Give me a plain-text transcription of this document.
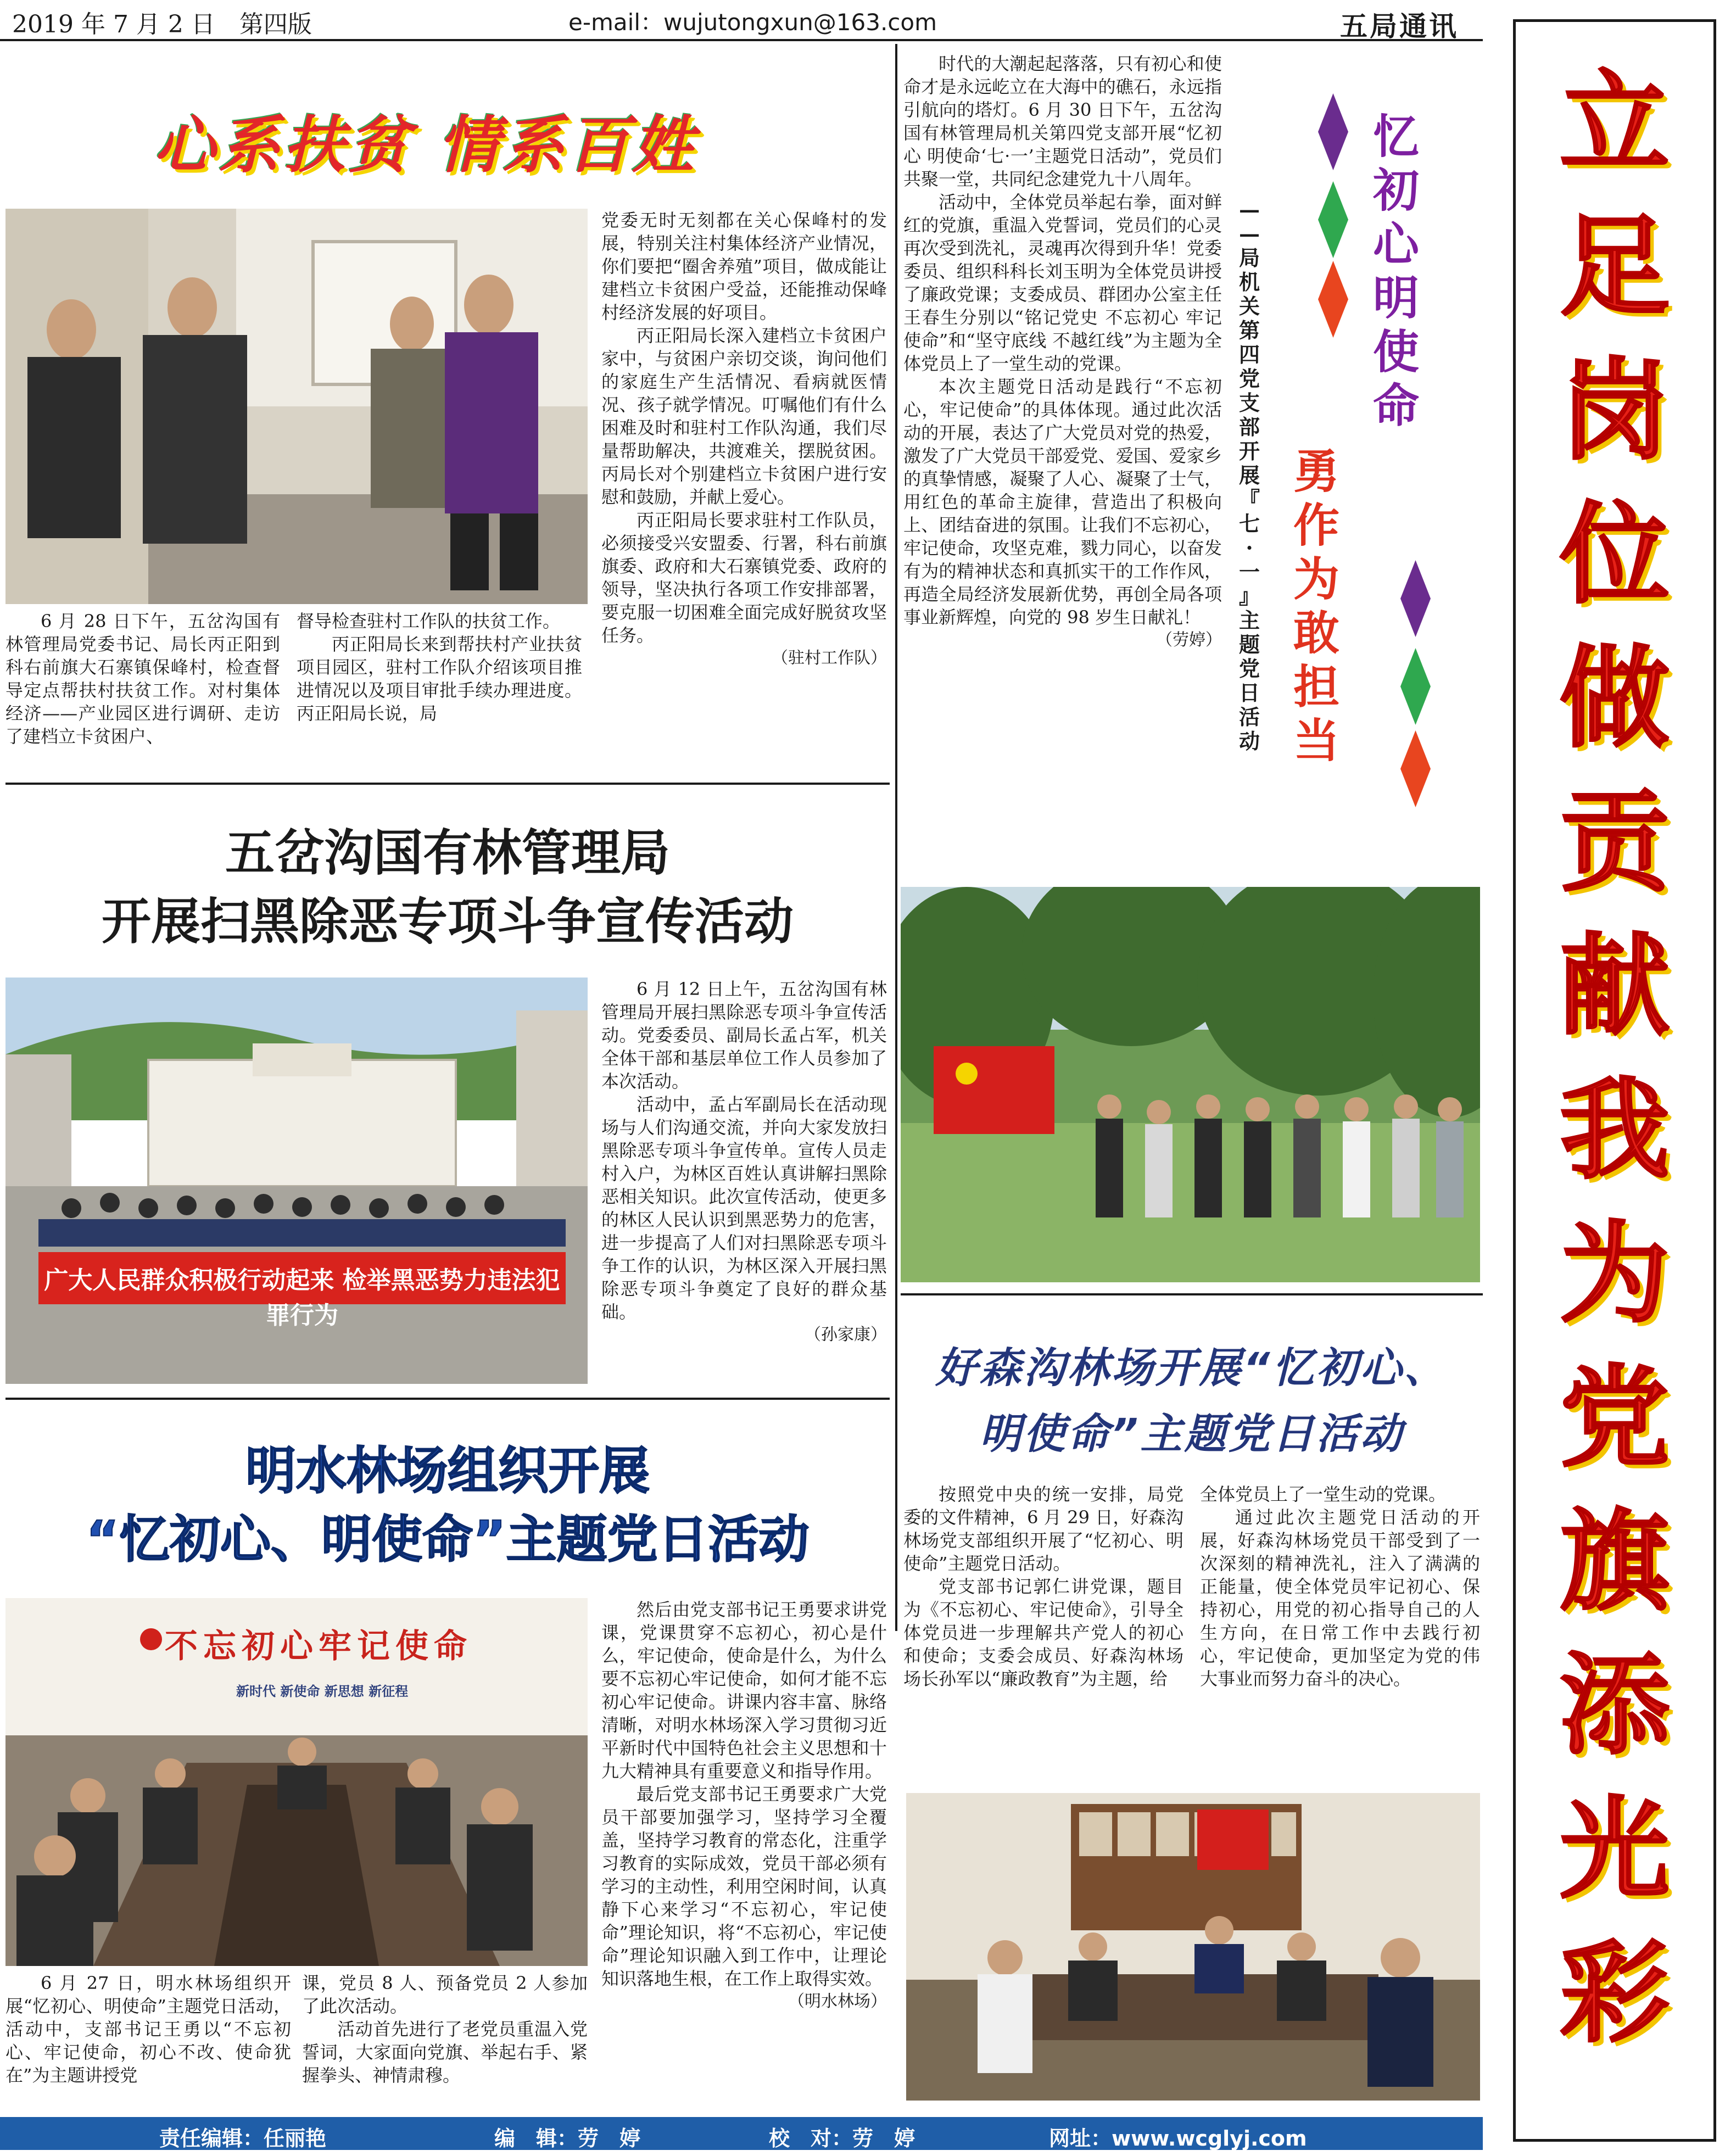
2019 年 7 月 2 日　第四版	e-mail：wujutongxun@163.com	五局通讯
心系扶贫 情系百姓

6 月 28 日下午，五岔沟国有林管理局党委书记、局长丙正阳到科右前旗大石寨镇保峰村，检查督导定点帮扶村扶贫工作。对村集体经济——产业园区进行调研、走访了建档立卡贫困户、

督导检查驻村工作队的扶贫工作。

丙正阳局长来到帮扶村产业扶贫项目园区，驻村工作队介绍该项目推进情况以及项目审批手续办理进度。丙正阳局长说，局

党委无时无刻都在关心保峰村的发展，特别关注村集体经济产业情况，你们要把“圈舍养殖”项目，做成能让建档立卡贫困户受益，还能推动保峰村经济发展的好项目。

丙正阳局长深入建档立卡贫困户家中，与贫困户亲切交谈，询问他们的家庭生产生活情况、看病就医情况、孩子就学情况。叮嘱他们有什么困难及时和驻村工作队沟通，我们尽量帮助解决，共渡难关，摆脱贫困。丙局长对个别建档立卡贫困户进行安慰和鼓励，并献上爱心。

丙正阳局长要求驻村工作队员，必须接受兴安盟委、行署，科右前旗旗委、政府和大石寨镇党委、政府的领导，坚决执行各项工作安排部署，要克服一切困难全面完成好脱贫攻坚任务。

（驻村工作队）
五岔沟国有林管理局
开展扫黑除恶专项斗争宣传活动
广大人民群众积极行动起来 检举黑恶势力违法犯罪行为

6 月 12 日上午，五岔沟国有林管理局开展扫黑除恶专项斗争宣传活动。党委委员、副局长孟占军，机关全体干部和基层单位工作人员参加了本次活动。

活动中，孟占军副局长在活动现场与人们沟通交流，并向大家发放扫黑除恶专项斗争宣传单。宣传人员走村入户，为林区百姓认真讲解扫黑除恶相关知识。此次宣传活动，使更多的林区人民认识到黑恶势力的危害，进一步提高了人们对扫黑除恶专项斗争工作的认识，为林区深入开展扫黑除恶专项斗争奠定了良好的群众基础。

（孙家康）
明水林场组织开展
“忆初心、明使命”主题党日活动
不忘初心牢记使命
新时代 新使命 新思想 新征程

6 月 27 日，明水林场组织开展“忆初心、明使命”主题党日活动，活动中，支部书记王勇以“不忘初心、牢记使命，初心不改、使命犹在”为主题讲授党

课，党员 8 人、预备党员 2 人参加了此次活动。

活动首先进行了老党员重温入党誓词，大家面向党旗、举起右手、紧握拳头、神情肃穆。

然后由党支部书记王勇要求讲党课，党课贯穿不忘初心，初心是什么，牢记使命，使命是什么，为什么要不忘初心牢记使命，如何才能不忘初心牢记使命。讲课内容丰富、脉络清晰，对明水林场深入学习贯彻习近平新时代中国特色社会主义思想和十九大精神具有重要意义和指导作用。

最后党支部书记王勇要求广大党员干部要加强学习，坚持学习全覆盖，坚持学习教育的常态化，注重学习教育的实际成效，党员干部必须有学习的主动性，利用空闲时间，认真静下心来学习“不忘初心，牢记使命”理论知识，将“不忘初心，牢记使命”理论知识融入到工作中，让理论知识落地生根，在工作上取得实效。

（明水林场）

时代的大潮起起落落，只有初心和使命才是永远屹立在大海中的礁石，永远指引航向的塔灯。6 月 30 日下午，五岔沟国有林管理局机关第四党支部开展“忆初心 明使命‘七·一’主题党日活动”，党员们共聚一堂，共同纪念建党九十八周年。

活动中，全体党员举起右拳，面对鲜红的党旗，重温入党誓词，党员们的心灵再次受到洗礼，灵魂再次得到升华！党委委员、组织科科长刘玉明为全体党员讲授了廉政党课；支委成员、群团办公室主任王春生分别以“铭记党史 不忘初心 牢记使命”和“坚守底线 不越红线”为主题为全体党员上了一堂生动的党课。

本次主题党日活动是践行“不忘初心，牢记使命”的具体体现。通过此次活动的开展，表达了广大党员对党的热爱，激发了广大党员干部爱党、爱国、爱家乡的真挚情感，凝聚了人心、凝聚了士气，用红色的革命主旋律，营造出了积极向上、团结奋进的氛围。让我们不忘初心，牢记使命，攻坚克难，戮力同心，以奋发有为的精神状态和真抓实干的工作作风，再造全局经济发展新优势，再创全局各项事业新辉煌，向党的 98 岁生日献礼！

（劳婷）
忆
初
心
明
使
命
勇
作
为
敢
担
当
—
—
局
机
关
第
四
党
支
部
开
展
『
七
·
一
』
主
题
党
日
活
动
好森沟林场开展“忆初心、
明使命”主题党日活动

按照党中央的统一安排，局党委的文件精神，6 月 29 日，好森沟林场党支部组织开展了“忆初心、明使命”主题党日活动。

党支部书记郭仁讲党课，题目为《不忘初心、牢记使命》，引导全体党员进一步理解共产党人的初心和使命；支委会成员、好森沟林场场长孙军以“廉政教育”为主题，给

全体党员上了一堂生动的党课。

通过此次主题党日活动的开展，好森沟林场党员干部受到了一次深刻的精神洗礼，注入了满满的正能量，使全体党员牢记初心、保持初心，用党的初心指导自己的人生方向，在日常工作中去践行初心，牢记使命，更加坚定为党的伟大事业而努力奋斗的决心。

立
足
岗
位
做
贡
献
我
为
党
旗
添
光
彩
责任编辑：任丽艳	编　辑：劳　婷	校　对：劳　婷	网址：www.wcglyj.com
